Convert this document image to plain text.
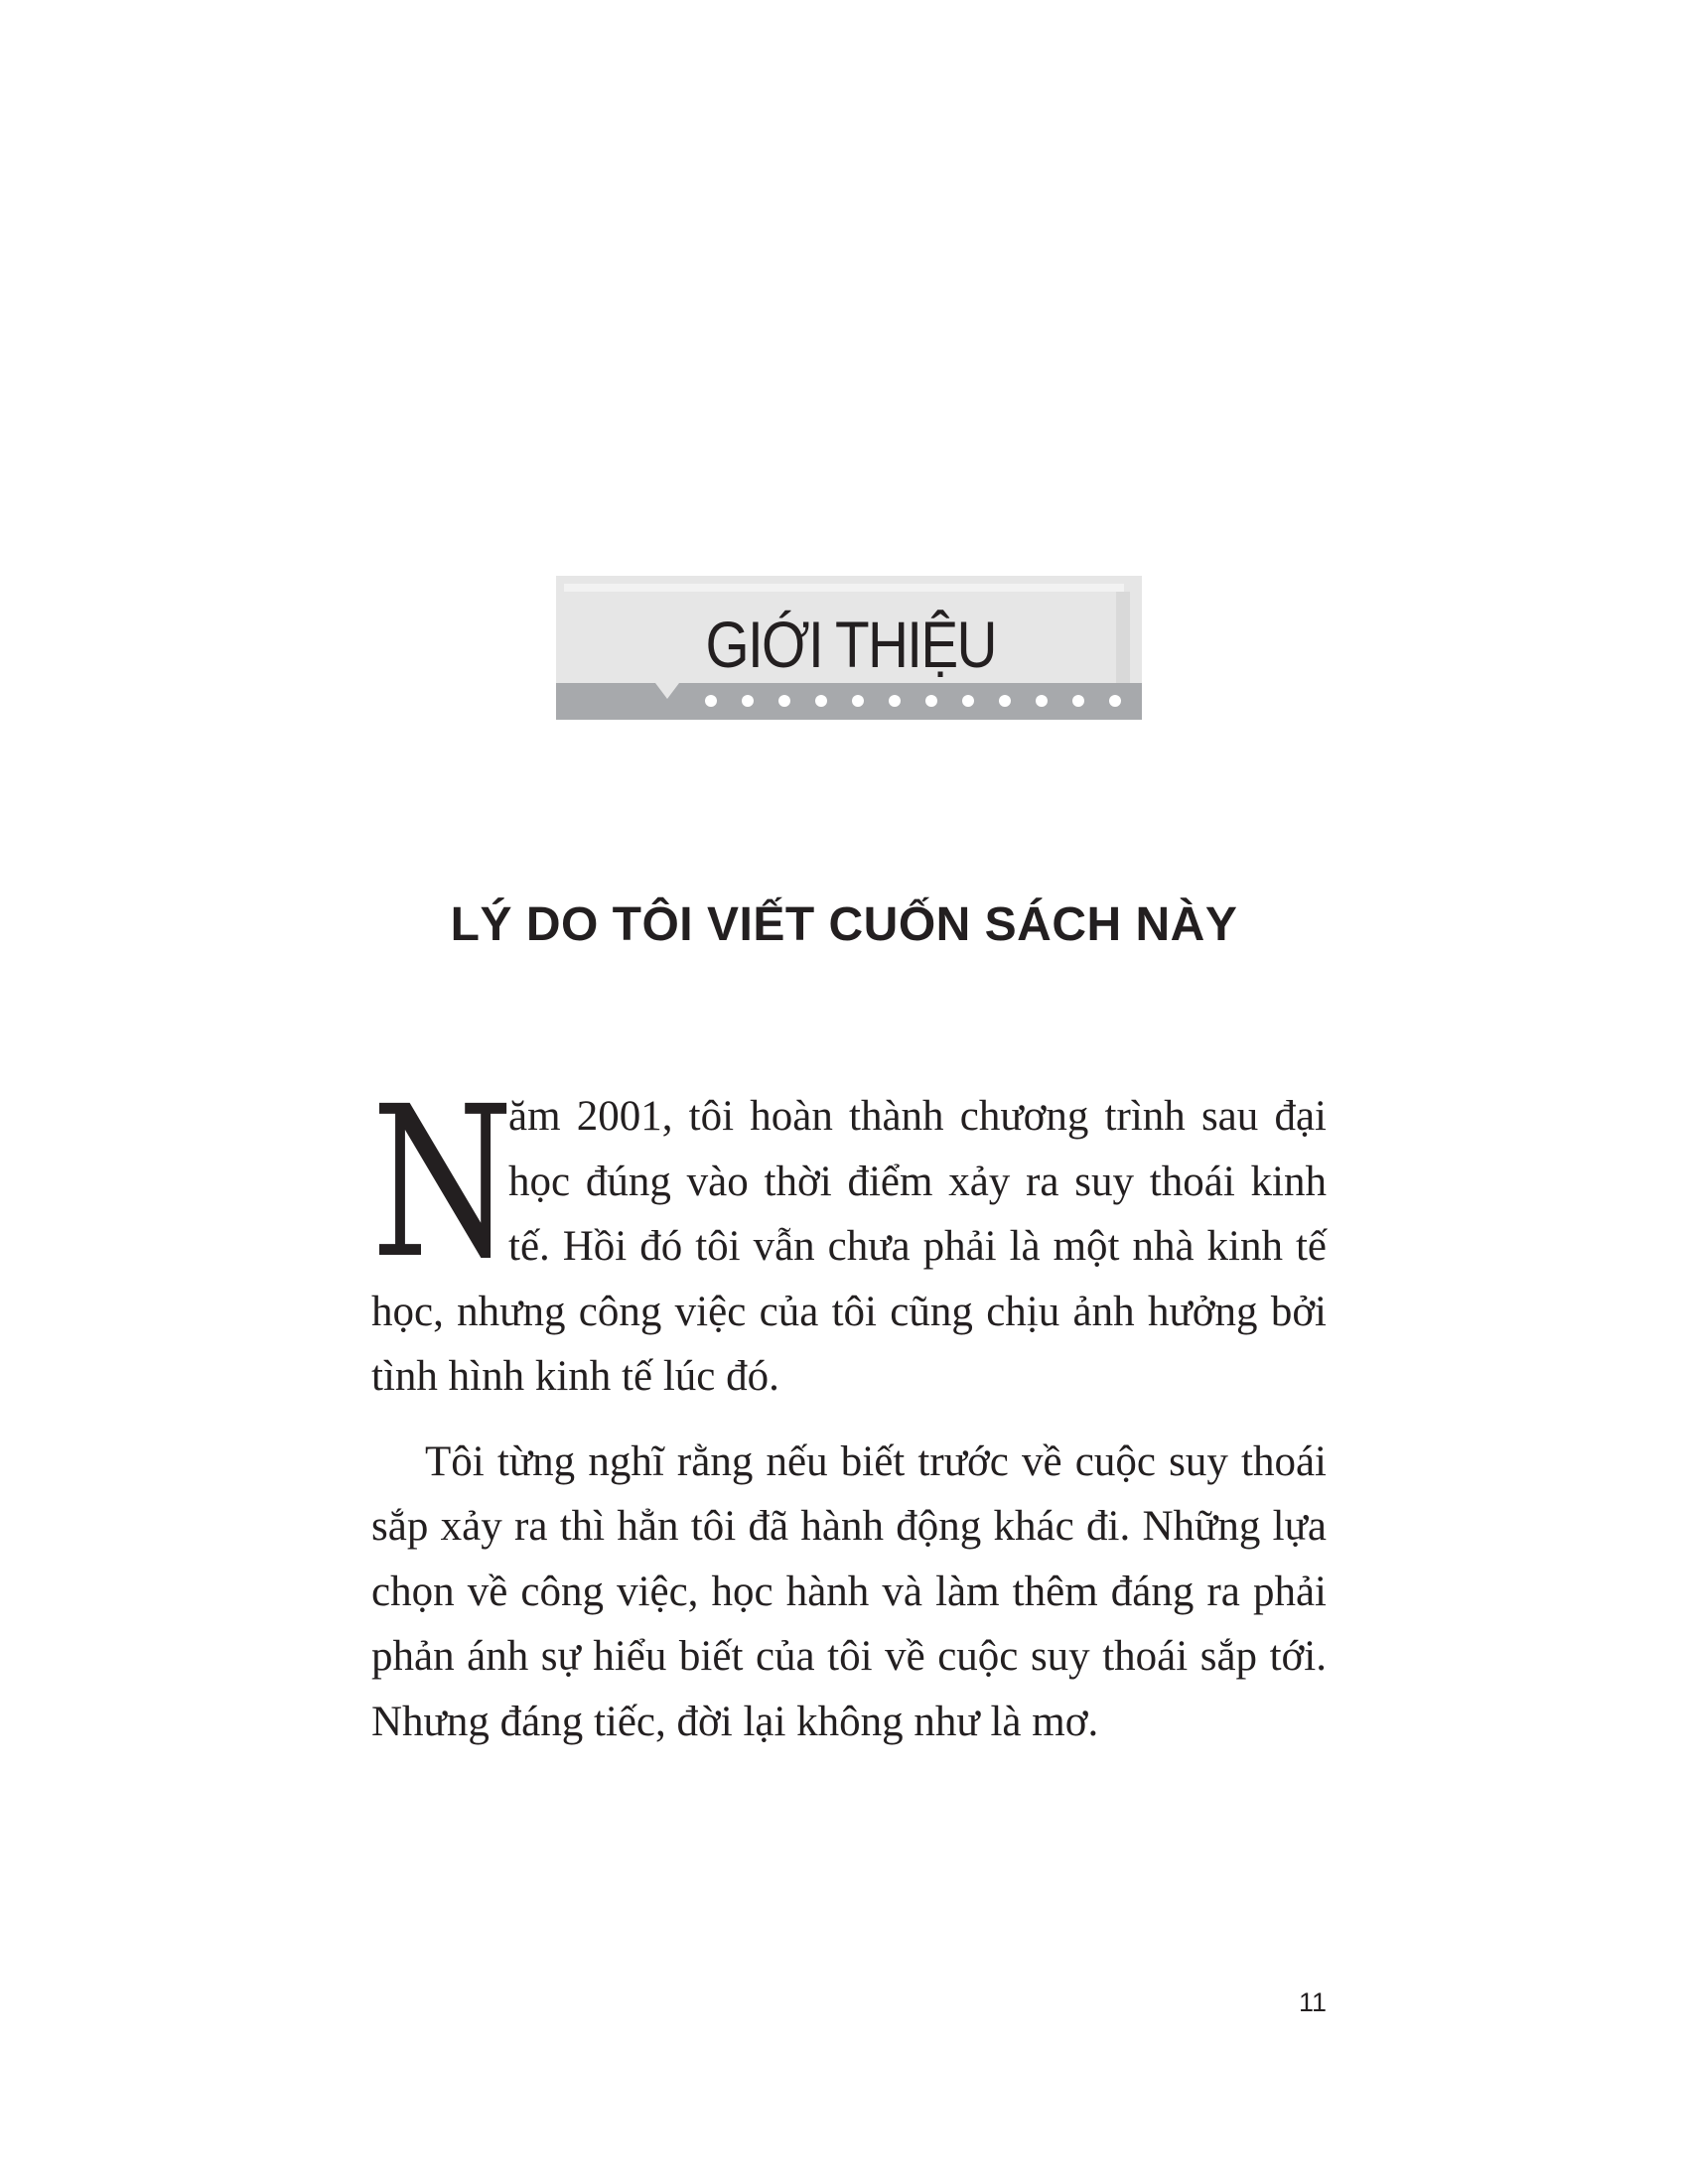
GIỚI THIỆU
LÝ DO TÔI VIẾT CUỐN SÁCH NÀY

N
ăm 2001, tôi hoàn thành chương trình sau đại học đúng vào thời điểm xảy ra suy thoái kinh tế. Hồi đó tôi vẫn chưa phải là một nhà kinh tế học, nhưng công việc của tôi cũng chịu ảnh hưởng bởi tình hình kinh tế lúc đó.

Tôi từng nghĩ rằng nếu biết trước về cuộc suy thoái sắp xảy ra thì hẳn tôi đã hành động khác đi. Những lựa chọn về công việc, học hành và làm thêm đáng ra phải phản ánh sự hiểu biết của tôi về cuộc suy thoái sắp tới. Nhưng đáng tiếc, đời lại không như là mơ.

11
